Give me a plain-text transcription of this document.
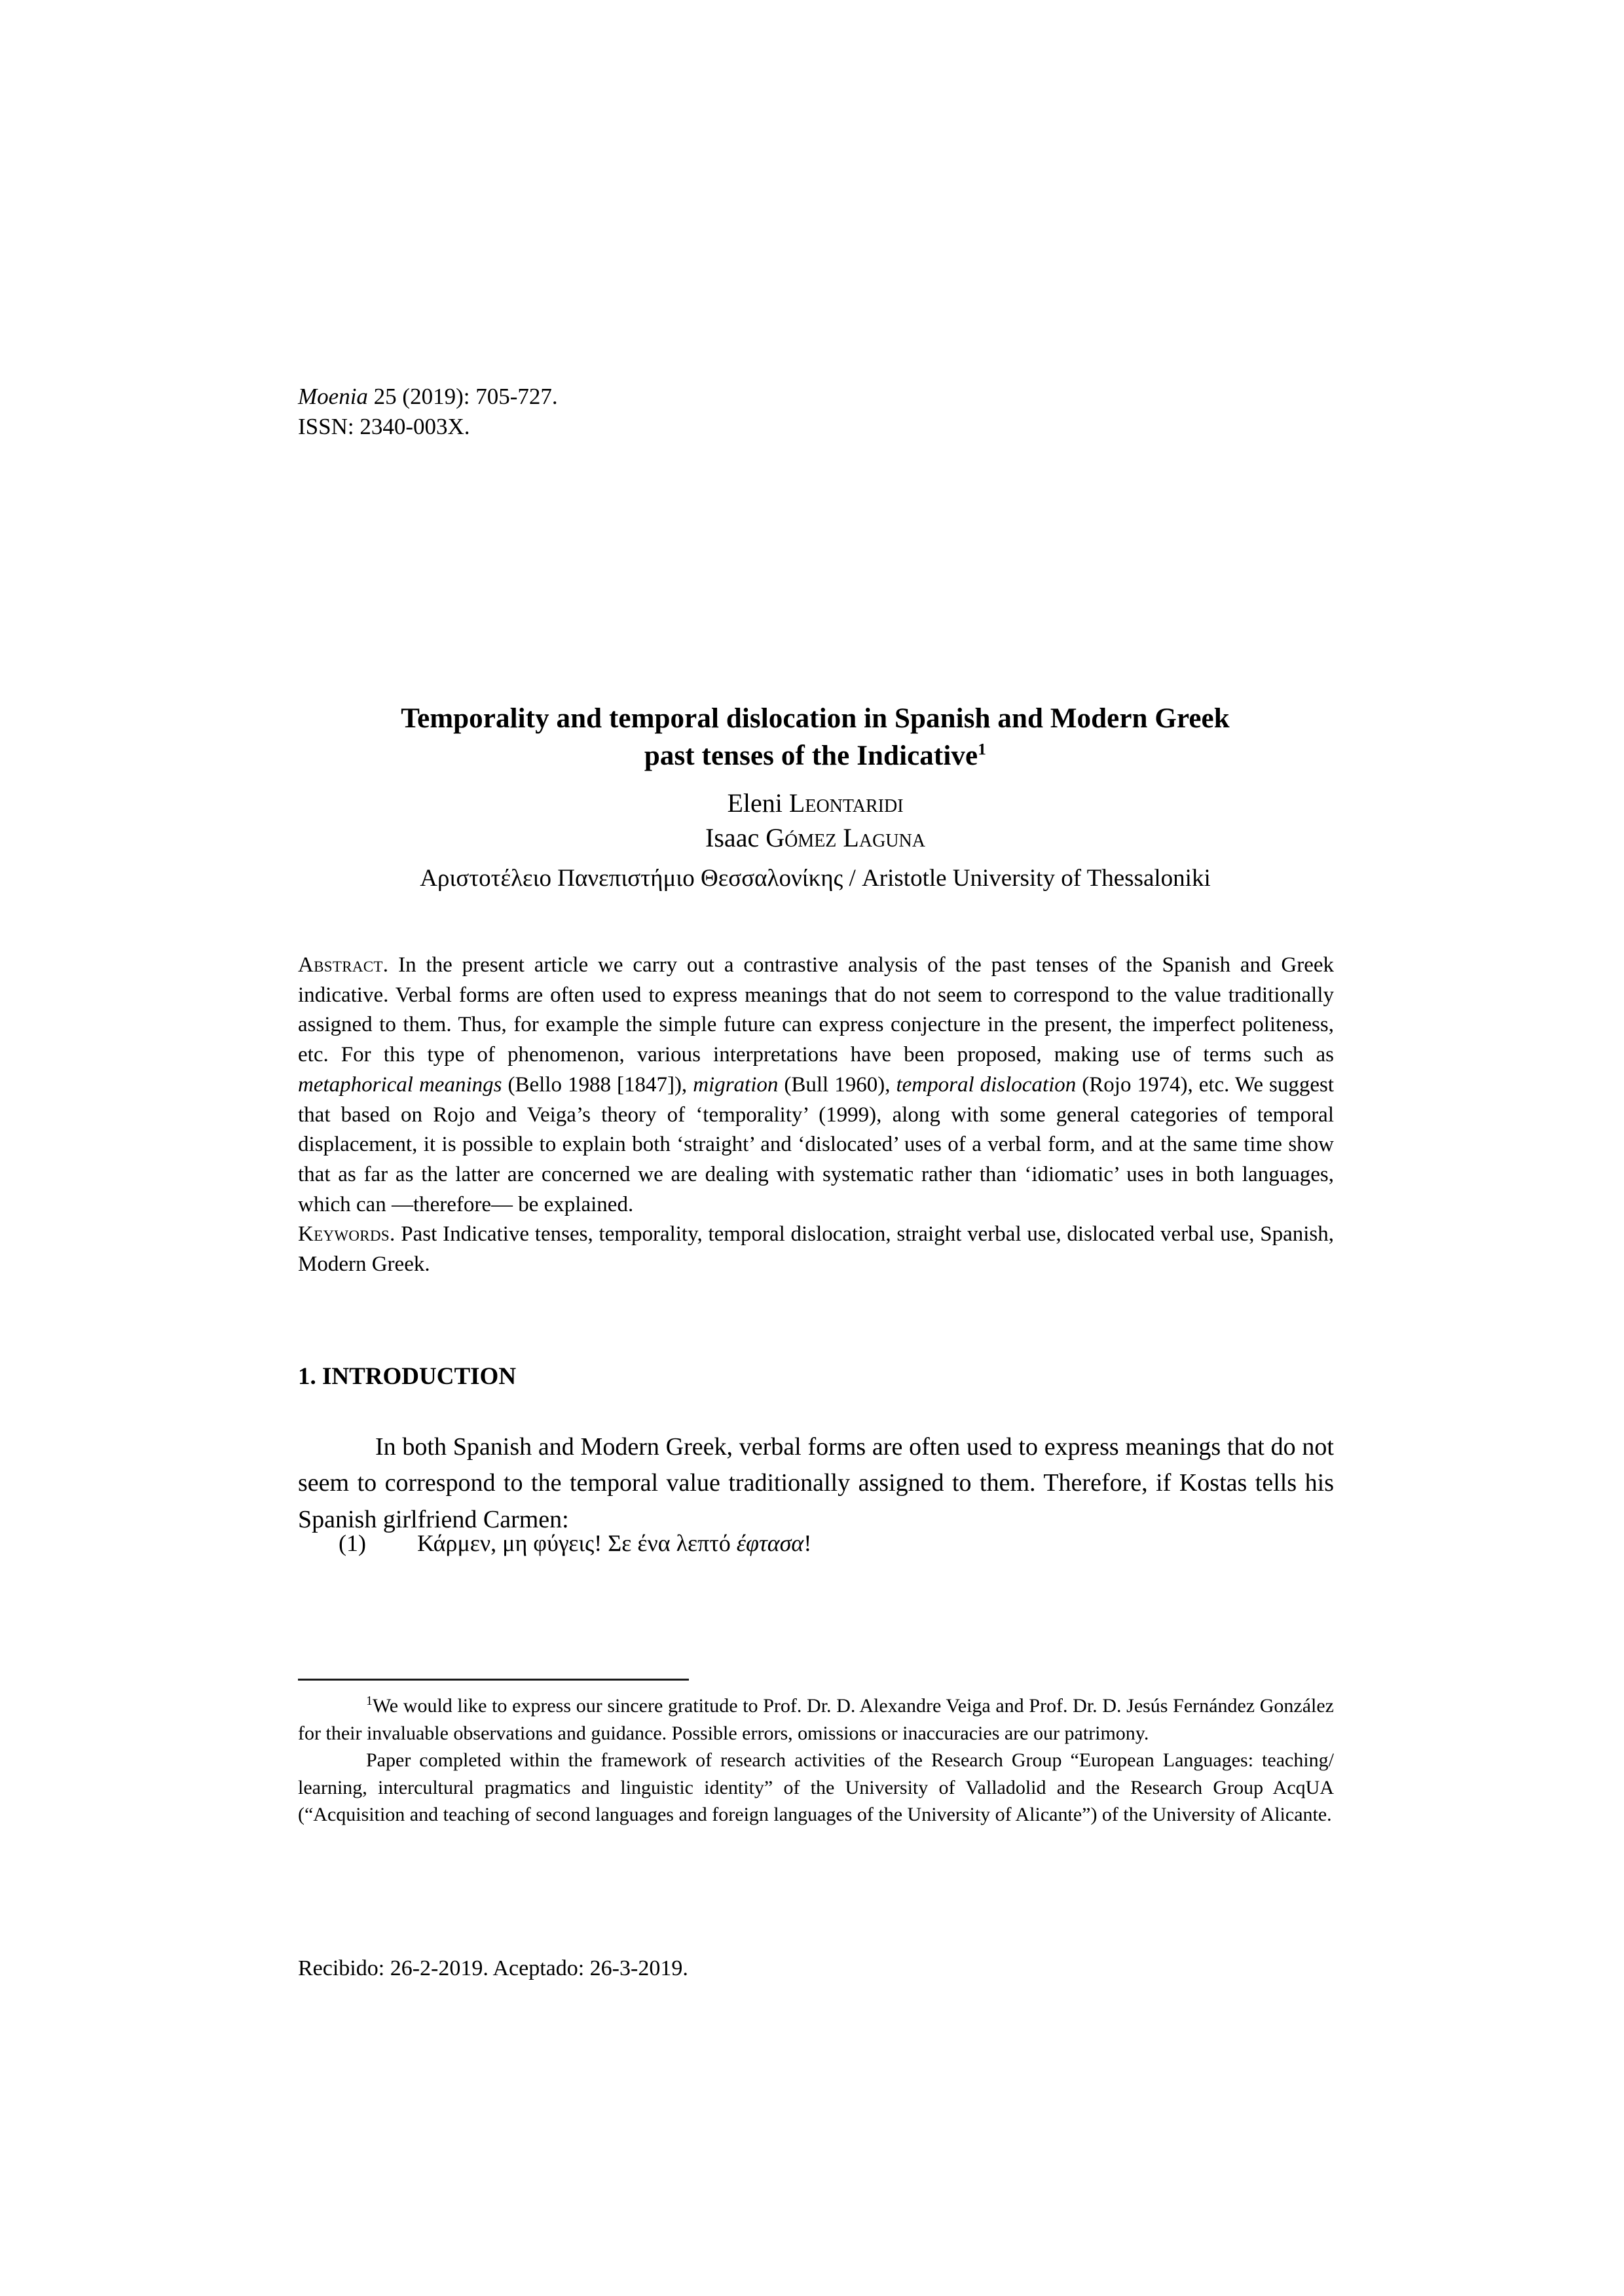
Moenia 25 (2019): 705-727.
ISSN: 2340-003X.
Temporality and temporal dislocation in Spanish and Modern Greek
past tenses of the Indicative$^1$
Eleni Leontaridi
Isaac Gómez Laguna
Αριστοτέλειο Πανεπιστήμιο Θεσσαλονίκης / Aristotle University of Thessaloniki

Abstract. In the present article we carry out a contrastive analysis of the past tenses of the Spanish and Greek indicative. Verbal forms are often used to express meanings that do not seem to correspond to the value traditionally assigned to them. Thus, for example the simple future can express conjecture in the present, the imperfect politeness, etc. For this type of phenomenon, various interpretations have been proposed, making use of terms such as metaphorical meanings (Bello 1988 [1847]), migration (Bull 1960), temporal dislocation (Rojo 1974), etc. We suggest that based on Rojo and Veiga’s theory of ‘temporality’ (1999), along with some general categories of temporal displacement, it is possible to explain both ‘straight’ and ‘dislocated’ uses of a verbal form, and at the same time show that as far as the latter are concerned we are dealing with systematic rather than ‘idiomatic’ uses in both languages, which can —therefore— be explained.

Keywords. Past Indicative tenses, temporality, temporal dislocation, straight verbal use, dislocated verbal use, Spanish, Modern Greek.

1. INTRODUCTION

In both Spanish and Modern Greek, verbal forms are often used to express meanings that do not seem to correspond to the temporal value traditionally assigned to them. Therefore, if Kostas tells his Spanish girlfriend Carmen:

(1) Κάρμεν, μη φύγεις! Σε ένα λεπτό έφτασα!

$^1$We would like to express our sincere gratitude to Prof. Dr. D. Alexandre Veiga and Prof. Dr. D. Jesús Fernández González for their invaluable observations and guidance. Possible errors, omissions or inaccuracies are our patrimony.

Paper completed within the framework of research activities of the Research Group “European Languages: teaching/ learning, intercultural pragmatics and linguistic identity” of the University of Valladolid and the Research Group AcqUA (“Acquisition and teaching of second languages and foreign languages of the University of Alicante”) of the University of Alicante.

Recibido: 26-2-2019. Aceptado: 26-3-2019.
